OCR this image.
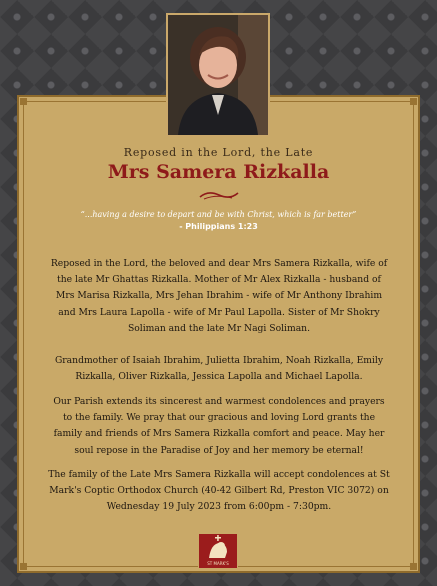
Reposed in the Lord, the Late
Mrs Samera Rizkalla
“...having a desire to depart and be with Christ, which is far better”
- Philippians 1:23

Reposed in the Lord, the beloved and dear Mrs Samera Rizkalla, wife of the late Mr Ghattas Rizkalla. Mother of Mr Alex Rizkalla - husband of Mrs Marisa Rizkalla, Mrs Jehan Ibrahim - wife of Mr Anthony Ibrahim and Mrs Laura Lapolla - wife of Mr Paul Lapolla. Sister of Mr Shokry Soliman and the late Mr Nagi Soliman.

Grandmother of Isaiah Ibrahim, Julietta Ibrahim, Noah Rizkalla, Emily Rizkalla, Oliver Rizkalla, Jessica Lapolla and Michael Lapolla.

Our Parish extends its sincerest and warmest condolences and prayers to the family. We pray that our gracious and loving Lord grants the family and friends of Mrs Samera Rizkalla comfort and peace. May her soul repose in the Paradise of Joy and her memory be eternal!

The family of the Late Mrs Samera Rizkalla will accept condolences at St Mark's Coptic Orthodox Church (40-42 Gilbert Rd, Preston VIC 3072) on Wednesday 19 July 2023 from 6:00pm - 7:30pm.

ST MARK'S
